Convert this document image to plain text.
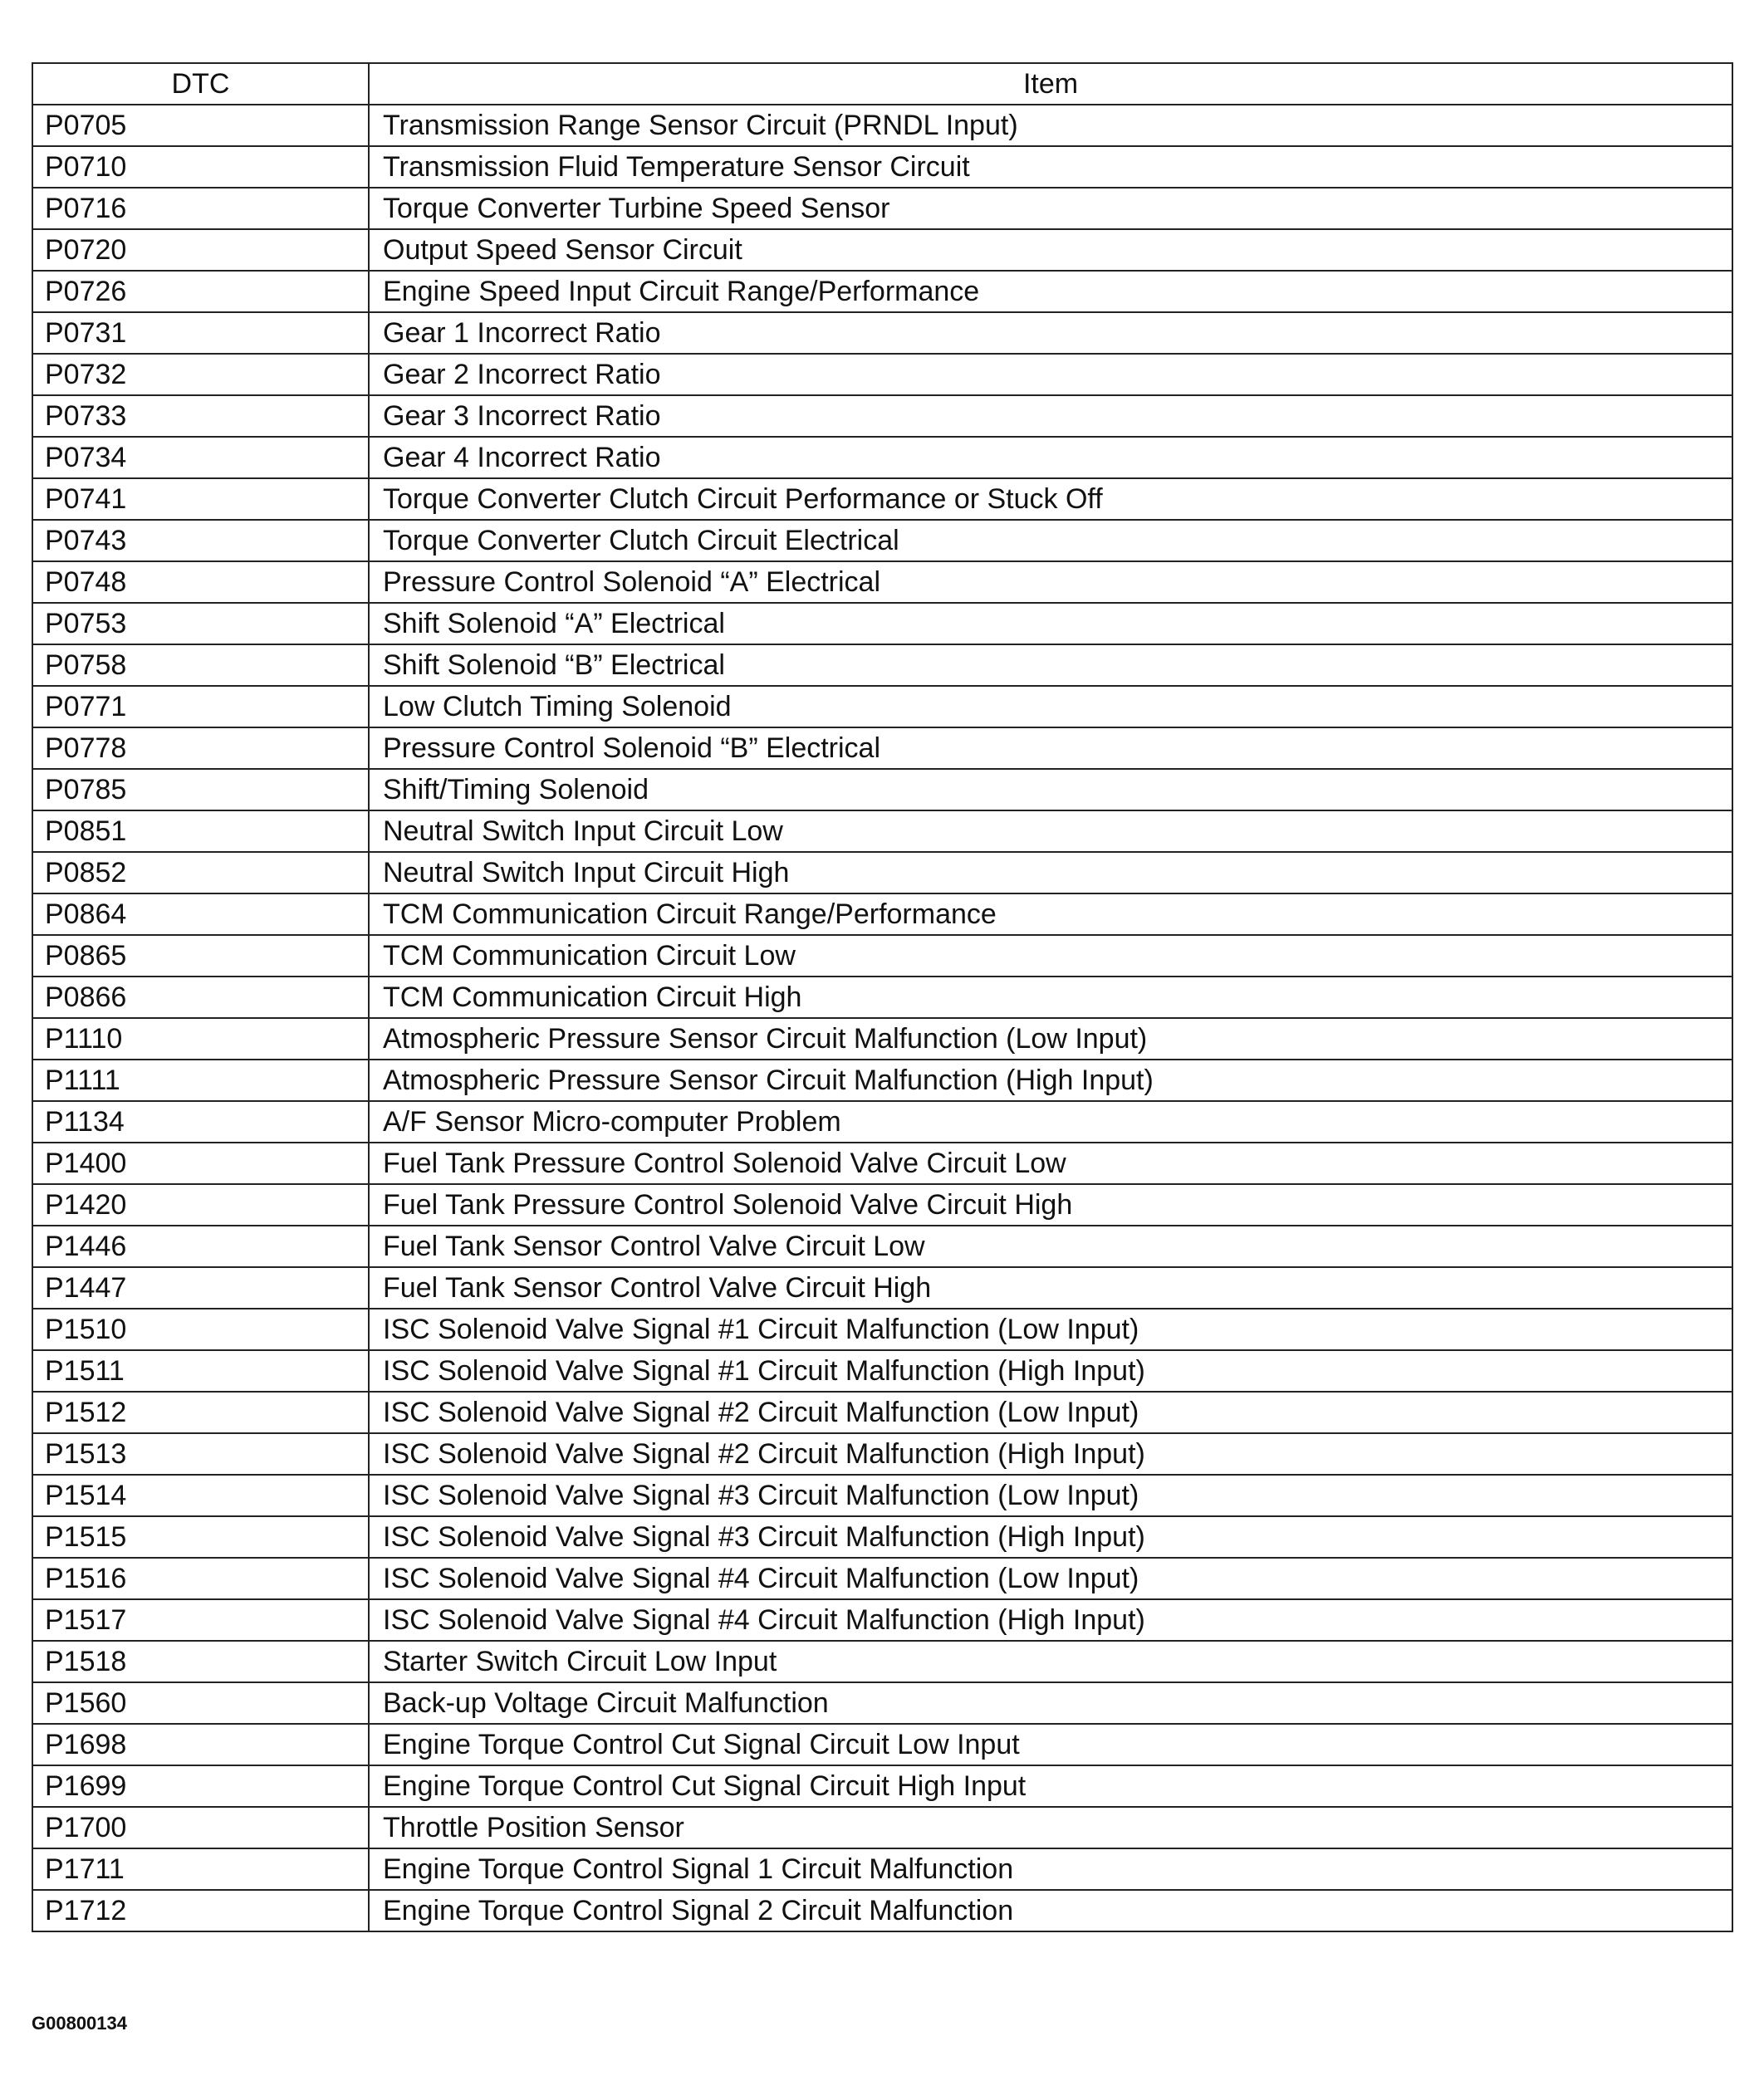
DTC	Item
P0705	Transmission Range Sensor Circuit (PRNDL Input)
P0710	Transmission Fluid Temperature Sensor Circuit
P0716	Torque Converter Turbine Speed Sensor
P0720	Output Speed Sensor Circuit
P0726	Engine Speed Input Circuit Range/Performance
P0731	Gear 1 Incorrect Ratio
P0732	Gear 2 Incorrect Ratio
P0733	Gear 3 Incorrect Ratio
P0734	Gear 4 Incorrect Ratio
P0741	Torque Converter Clutch Circuit Performance or Stuck Off
P0743	Torque Converter Clutch Circuit Electrical
P0748	Pressure Control Solenoid “A” Electrical
P0753	Shift Solenoid “A” Electrical
P0758	Shift Solenoid “B” Electrical
P0771	Low Clutch Timing Solenoid
P0778	Pressure Control Solenoid “B” Electrical
P0785	Shift/Timing Solenoid
P0851	Neutral Switch Input Circuit Low
P0852	Neutral Switch Input Circuit High
P0864	TCM Communication Circuit Range/Performance
P0865	TCM Communication Circuit Low
P0866	TCM Communication Circuit High
P1110	Atmospheric Pressure Sensor Circuit Malfunction (Low Input)
P1111	Atmospheric Pressure Sensor Circuit Malfunction (High Input)
P1134	A/F Sensor Micro-computer Problem
P1400	Fuel Tank Pressure Control Solenoid Valve Circuit Low
P1420	Fuel Tank Pressure Control Solenoid Valve Circuit High
P1446	Fuel Tank Sensor Control Valve Circuit Low
P1447	Fuel Tank Sensor Control Valve Circuit High
P1510	ISC Solenoid Valve Signal #1 Circuit Malfunction (Low Input)
P1511	ISC Solenoid Valve Signal #1 Circuit Malfunction (High Input)
P1512	ISC Solenoid Valve Signal #2 Circuit Malfunction (Low Input)
P1513	ISC Solenoid Valve Signal #2 Circuit Malfunction (High Input)
P1514	ISC Solenoid Valve Signal #3 Circuit Malfunction (Low Input)
P1515	ISC Solenoid Valve Signal #3 Circuit Malfunction (High Input)
P1516	ISC Solenoid Valve Signal #4 Circuit Malfunction (Low Input)
P1517	ISC Solenoid Valve Signal #4 Circuit Malfunction (High Input)
P1518	Starter Switch Circuit Low Input
P1560	Back-up Voltage Circuit Malfunction
P1698	Engine Torque Control Cut Signal Circuit Low Input
P1699	Engine Torque Control Cut Signal Circuit High Input
P1700	Throttle Position Sensor
P1711	Engine Torque Control Signal 1 Circuit Malfunction
P1712	Engine Torque Control Signal 2 Circuit Malfunction
G00800134
